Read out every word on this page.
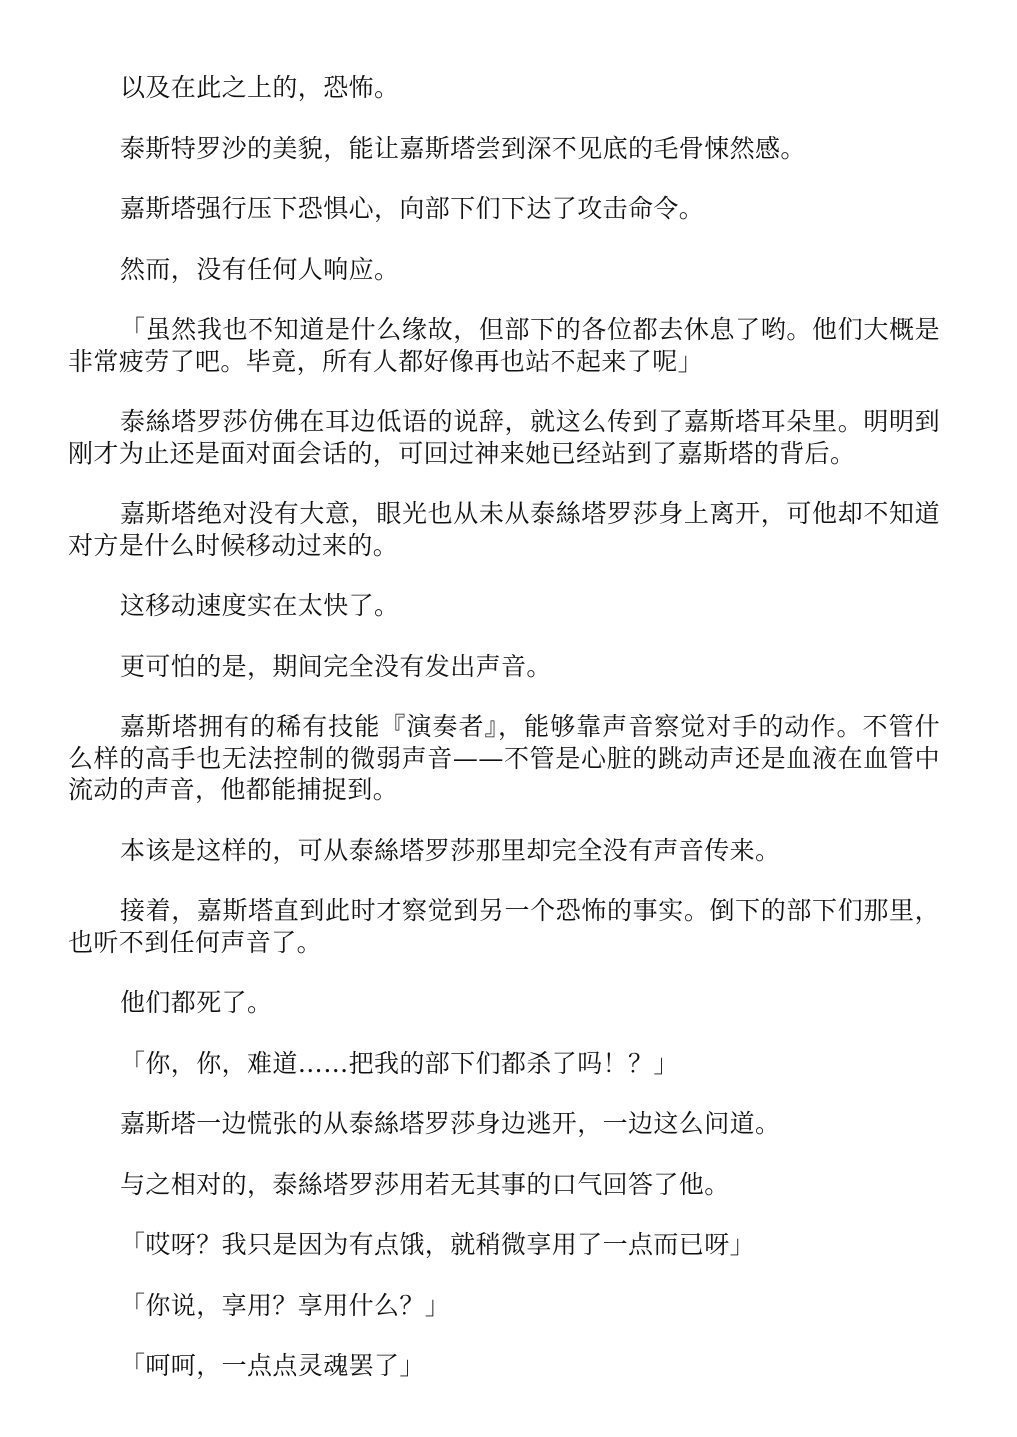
以及在此之上的，恐怖。

泰斯特罗沙的美貌，能让嘉斯塔尝到深不见底的毛骨悚然感。

嘉斯塔强行压下恐惧心，向部下们下达了攻击命令。

然而，没有任何人响应。

「虽然我也不知道是什么缘故，但部下的各位都去休息了哟。他们大概是非常疲劳了吧。毕竟，所有人都好像再也站不起来了呢」

泰絲塔罗莎仿佛在耳边低语的说辞，就这么传到了嘉斯塔耳朵里。明明到刚才为止还是面对面会话的，可回过神来她已经站到了嘉斯塔的背后。

嘉斯塔绝对没有大意，眼光也从未从泰絲塔罗莎身上离开，可他却不知道对方是什么时候移动过来的。

这移动速度实在太快了。

更可怕的是，期间完全没有发出声音。

嘉斯塔拥有的稀有技能『演奏者』，能够靠声音察觉对手的动作。不管什么样的高手也无法控制的微弱声音——不管是心脏的跳动声还是血液在血管中流动的声音，他都能捕捉到。

本该是这样的，可从泰絲塔罗莎那里却完全没有声音传来。

接着，嘉斯塔直到此时才察觉到另一个恐怖的事实。倒下的部下们那里，也听不到任何声音了。

他们都死了。

「你，你，难道……把我的部下们都杀了吗！？」

嘉斯塔一边慌张的从泰絲塔罗莎身边逃开，一边这么问道。

与之相对的，泰絲塔罗莎用若无其事的口气回答了他。

「哎呀？我只是因为有点饿，就稍微享用了一点而已呀」

「你说，享用？享用什么？」

「呵呵，一点点灵魂罢了」
